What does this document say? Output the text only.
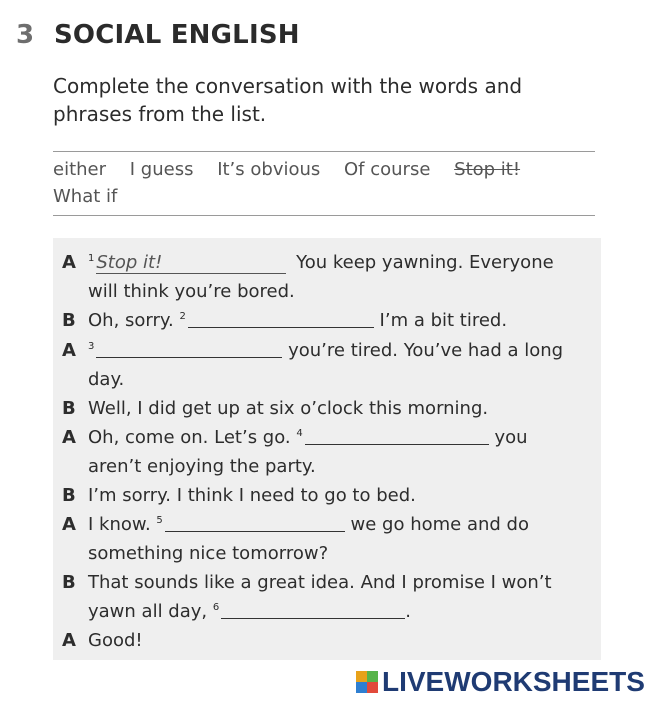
3 SOCIAL ENGLISH
Complete the conversation with the words and
phrases from the list.
either I guess It’s obvious Of course Stop it!
What if
A $^1$ Stop it!	You keep yawning. Everyone
will think you’re bored.
B Oh, sorry. $^2$	I’m a bit tired.
A $^3$	you’re tired. You’ve had a long
day.
B Well, I did get up at six o’clock this morning.
A Oh, come on. Let’s go. $^4$	you
aren’t enjoying the party.
B I’m sorry. I think I need to go to bed.
A I know. $^5$	we go home and do
something nice tomorrow?
B That sounds like a great idea. And I promise I won’t
yawn all day, $^6$	.
A Good!
LIVEWORKSHEETS
